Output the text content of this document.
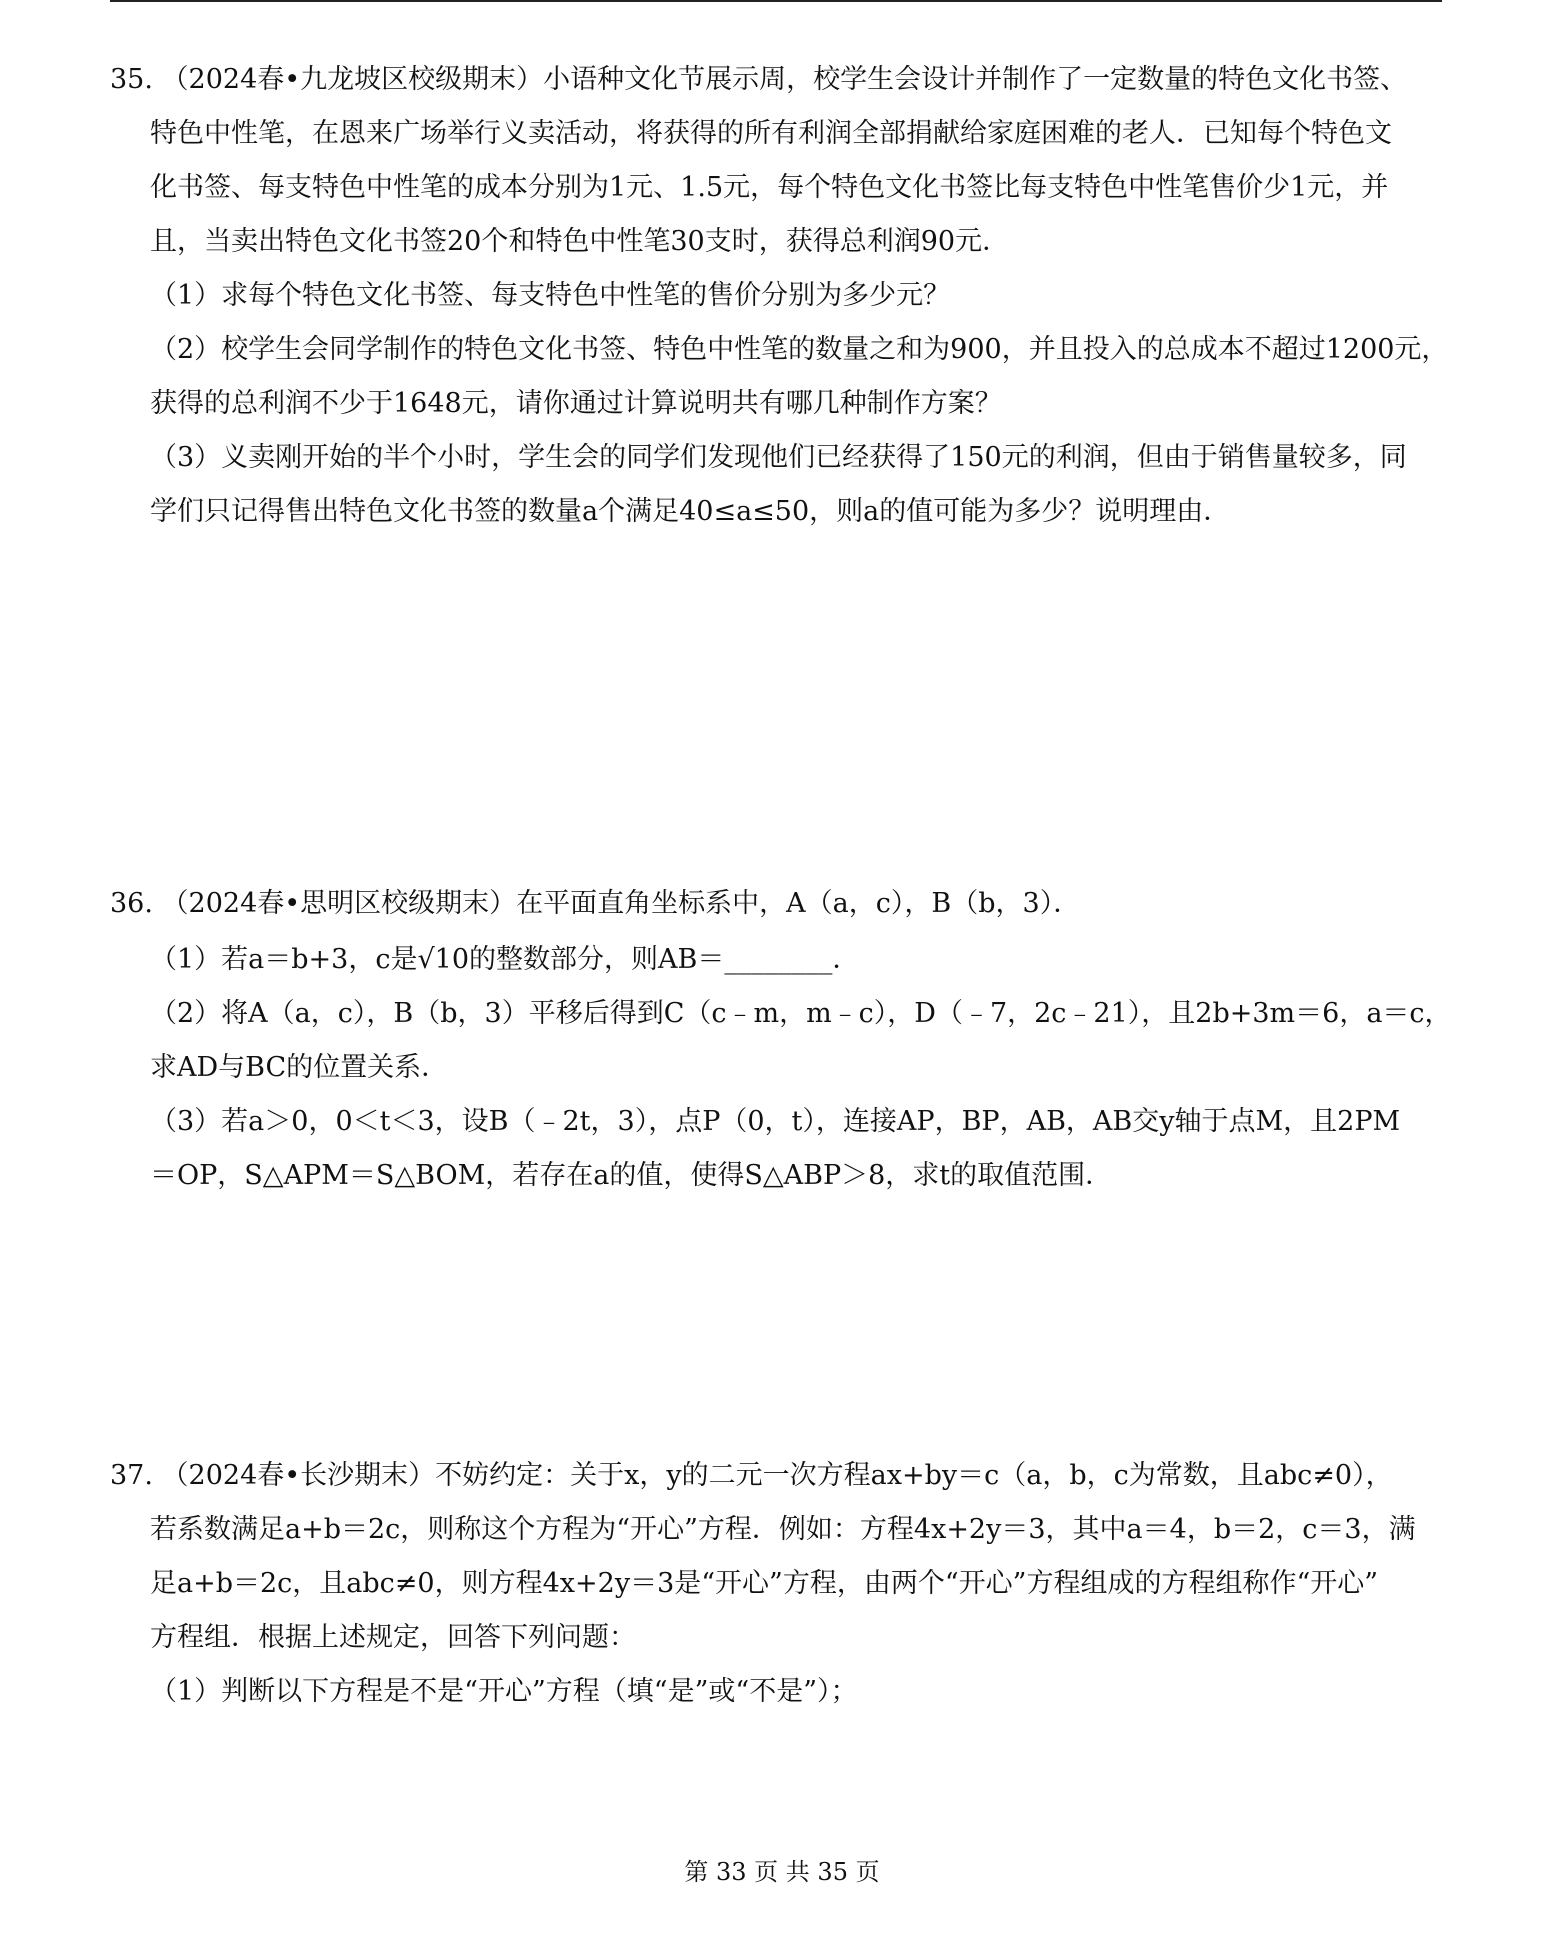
35. （2024春•九龙坡区校级期末）小语种文化节展示周，校学生会设计并制作了一定数量的特色文化书签、
特色中性笔，在恩来广场举行义卖活动，将获得的所有利润全部捐献给家庭困难的老人．已知每个特色文
化书签、每支特色中性笔的成本分别为1元、1.5元，每个特色文化书签比每支特色中性笔售价少1元，并
且，当卖出特色文化书签20个和特色中性笔30支时，获得总利润90元．
（1）求每个特色文化书签、每支特色中性笔的售价分别为多少元？
（2）校学生会同学制作的特色文化书签、特色中性笔的数量之和为900，并且投入的总成本不超过1200元，
获得的总利润不少于1648元，请你通过计算说明共有哪几种制作方案？
（3）义卖刚开始的半个小时，学生会的同学们发现他们已经获得了150元的利润，但由于销售量较多，同
学们只记得售出特色文化书签的数量a个满足40≤a≤50，则a的值可能为多少？说明理由．
36. （2024春•思明区校级期末）在平面直角坐标系中，A（a，c），B（b，3）．
（1）若a＝b+3，c是√10的整数部分，则AB＝________．
（2）将A（a，c），B（b，3）平移后得到C（c﹣m，m﹣c），D（﹣7，2c﹣21），且2b+3m＝6，a＝c，
求AD与BC的位置关系．
（3）若a＞0，0＜t＜3，设B（﹣2t，3），点P（0，t），连接AP，BP，AB，AB交y轴于点M，且2PM
＝OP，S△APM＝S△BOM，若存在a的值，使得S△ABP＞8，求t的取值范围．
37. （2024春•长沙期末）不妨约定：关于x，y的二元一次方程ax+by＝c（a，b，c为常数，且abc≠0），
若系数满足a+b＝2c，则称这个方程为“开心”方程．例如：方程4x+2y＝3，其中a＝4，b＝2，c＝3，满
足a+b＝2c，且abc≠0，则方程4x+2y＝3是“开心”方程，由两个“开心”方程组成的方程组称作“开心”
方程组．根据上述规定，回答下列问题：
（1）判断以下方程是不是“开心”方程（填“是”或“不是”）；
第 33 页 共 35 页
